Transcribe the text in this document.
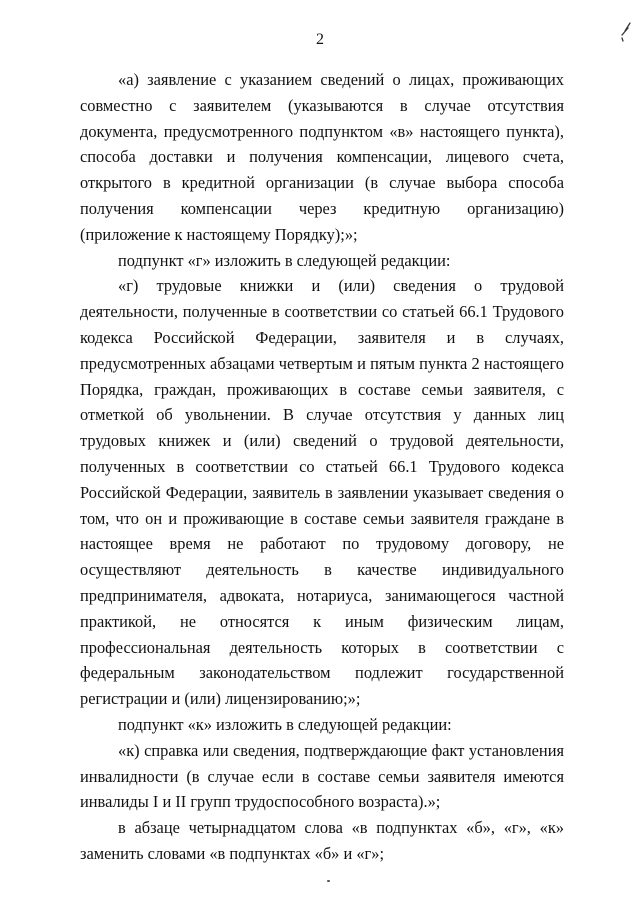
2

«а) заявление с указанием сведений о лицах, проживающих совместно с заявителем (указываются в случае отсутствия документа, предусмотренного подпунктом «в» настоящего пункта), способа доставки и получения компенсации, лицевого счета, открытого в кредитной организации (в случае выбора способа получения компенсации через кредитную организацию) (приложение к настоящему Порядку);»;

подпункт «г» изложить в следующей редакции:

«г) трудовые книжки и (или) сведения о трудовой деятельности, полученные в соответствии со статьей 66.1 Трудового кодекса Российской Федерации, заявителя и в случаях, предусмотренных абзацами четвертым и пятым пункта 2 настоящего Порядка, граждан, проживающих в составе семьи заявителя, с отметкой об увольнении. В случае отсутствия у данных лиц трудовых книжек и (или) сведений о трудовой деятельности, полученных в соответствии со статьей 66.1 Трудового кодекса Российской Федерации, заявитель в заявлении указывает сведения о том, что он и проживающие в составе семьи заявителя граждане в настоящее время не работают по трудовому договору, не осуществляют деятельность в качестве индивидуального предпринимателя, адвоката, нотариуса, занимающегося частной практикой, не относятся к иным физическим лицам, профессиональная деятельность которых в соответствии с федеральным законодательством подлежит государственной регистрации и (или) лицензированию;»;

подпункт «к» изложить в следующей редакции:

«к) справка или сведения, подтверждающие факт установления инвалидности (в случае если в составе семьи заявителя имеются инвалиды I и II групп трудоспособного возраста).»;

в абзаце четырнадцатом слова «в подпунктах «б», «г», «к» заменить словами «в подпунктах «б» и «г»;
